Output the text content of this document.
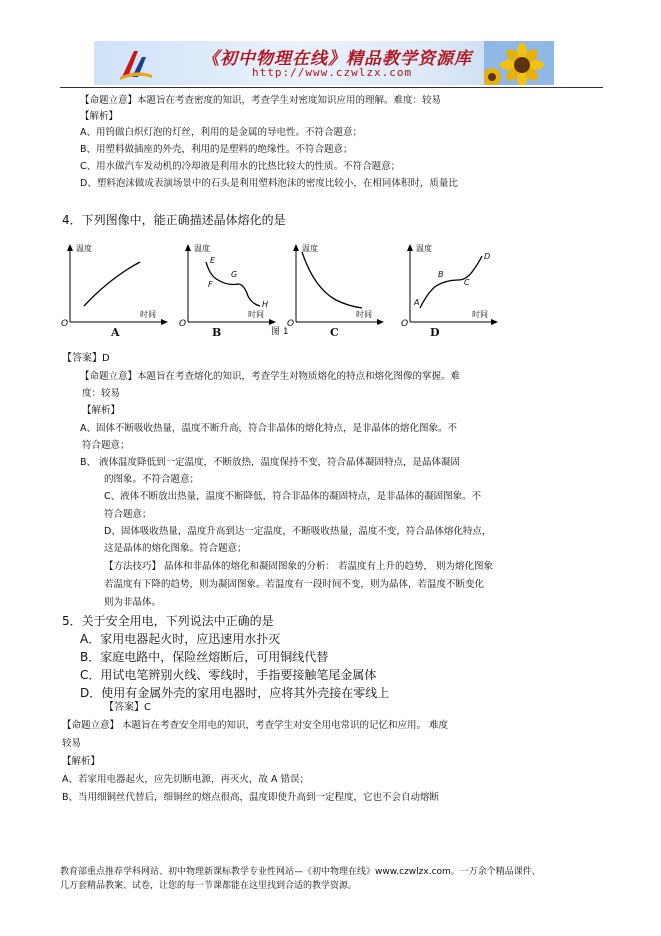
《初中物理在线》精品教学资源库
http://www.czwlzx.com
【命题立意】本题旨在考查密度的知识，考查学生对密度知识应用的理解。难度：较易
【解析】
A、用钨做白炽灯泡的灯丝，利用的是金属的导电性。不符合题意；
B、用塑料做插座的外壳，利用的是塑料的绝缘性。不符合题意；
C、用水做汽车发动机的冷却液是利用水的比热比较大的性质。不符合题意；
D、塑料泡沫做成表演场景中的石头是利用塑料泡沫的密度比较小，在相同体积时，质量比
4．下列图像中，能正确描述晶体熔化的是
温度
时间
O
A
温度
时间
O
E
F
G
H
B	图 1
温度
时间
O
C
温度
时间
O
A
B
C
D
D
【答案】D
【命题立意】本题旨在考查熔化的知识，考查学生对物质熔化的特点和熔化图像的掌握。难
度：较易
【解析】
A、固体不断吸收热量，温度不断升高，符合非晶体的熔化特点，是非晶体的熔化图象。不
符合题意；
B、 液体温度降低到一定温度，不断放热，温度保持不变，符合晶体凝固特点，是晶体凝固
的图象。不符合题意；
C、液体不断放出热量，温度不断降低，符合非晶体的凝固特点，是非晶体的凝固图象。不
符合题意；
D、固体吸收热量，温度升高到达一定温度，不断吸收热量，温度不变，符合晶体熔化特点，
这是晶体的熔化图象。符合题意；
【方法技巧】 晶体和非晶体的熔化和凝固图象的分析： 若温度有上升的趋势， 则为熔化图象
若温度有下降的趋势，则为凝固图象。若温度有一段时间不变，则为晶体，若温度不断变化
则为非晶体。
5．关于安全用电，下列说法中正确的是
A．家用电器起火时，应迅速用水扑灭
B．家庭电路中，保险丝熔断后，可用铜线代替
C．用试电笔辨别火线、零线时，手指要接触笔尾金属体
D．使用有金属外壳的家用电器时，应将其外壳接在零线上
【答案】C
【命题立意】 本题旨在考查安全用电的知识，考查学生对安全用电常识的记忆和应用。 难度
较易
【解析】
A、若家用电器起火，应先切断电源，再灭火，故 A 错误；
B、当用细铜丝代替后，细铜丝的熔点很高，温度即使升高到一定程度，它也不会自动熔断
教育部重点推荐学科网站、初中物理新课标教学专业性网站—《初中物理在线》www.czwlzx.com。一万余个精品课件、
几万套精品教案、试卷，让您的每一节课都能在这里找到合适的教学资源。
